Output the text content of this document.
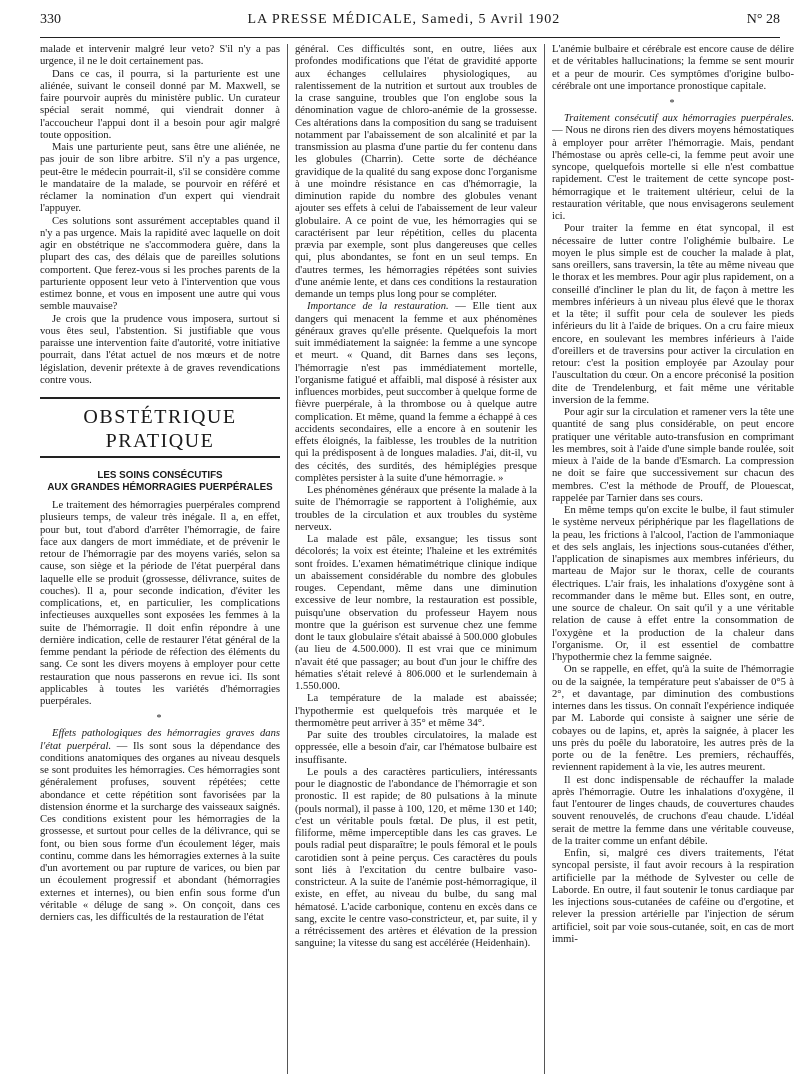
330	LA PRESSE MÉDICALE, Samedi, 5 Avril 1902	N° 28

malade et intervenir malgré leur veto? S'il n'y a pas urgence, il ne le doit certainement pas.

Dans ce cas, il pourra, si la parturiente est une aliénée, suivant le conseil donné par M. Maxwell, se faire pourvoir auprès du ministère public. Un curateur spécial serait nommé, qui viendrait donner à l'accoucheur l'appui dont il a besoin pour agir malgré toute opposition.

Mais une parturiente peut, sans être une aliénée, ne pas jouir de son libre arbitre. S'il n'y a pas urgence, peut-être le médecin pourrait-il, s'il se considère comme le mandataire de la malade, se pourvoir en référé et réclamer la nomination d'un expert qui viendrait l'appuyer.

Ces solutions sont assurément acceptables quand il n'y a pas urgence. Mais la rapidité avec laquelle on doit agir en obstétrique ne s'accommodera guère, dans la plupart des cas, des délais que de pareilles solutions comportent. Que ferez-vous si les proches parents de la parturiente opposent leur veto à l'intervention que vous estimez bonne, et vous en imposent une autre qui vous semble mauvaise?

Je crois que la prudence vous imposera, surtout si vous êtes seul, l'abstention. Si justifiable que vous paraisse une intervention faite d'autorité, votre initiative pourrait, dans l'état actuel de nos mœurs et de notre législation, devenir prétexte à de graves revendications contre vous.

OBSTÉTRIQUE PRATIQUE
LES SOINS CONSÉCUTIFS
AUX GRANDES HÉMORRAGIES PUERPÉRALES

Le traitement des hémorragies puerpérales comprend plusieurs temps, de valeur très inégale. Il a, en effet, pour but, tout d'abord d'arrêter l'hémorragie, de faire face aux dangers de mort immédiate, et de prévenir le retour de l'hémorragie par des moyens variés, selon sa cause, son siège et la période de l'état puerpéral dans laquelle elle se produit (grossesse, délivrance, suites de couches). Il a, pour seconde indication, d'éviter les complications, et, en particulier, les complications infectieuses auxquelles sont exposées les femmes à la suite de l'hémorragie. Il doit enfin répondre à une dernière indication, celle de restaurer l'état général de la femme pendant la période de réfection des éléments du sang. Ce sont les divers moyens à employer pour cette restauration que nous passerons en revue ici. Ils sont applicables à toutes les variétés d'hémorragies puerpérales.

*

Effets pathologiques des hémorragies graves dans l'état puerpéral. — Ils sont sous la dépendance des conditions anatomiques des organes au niveau desquels se sont produites les hémorragies. Ces hémorragies sont généralement profuses, souvent répétées; cette abondance et cette répétition sont favorisées par la distension énorme et la surcharge des vaisseaux saignés. Ces conditions existent pour les hémorragies de la grossesse, et surtout pour celles de la délivrance, qui se font, ou bien sous forme d'un écoulement léger, mais continu, comme dans les hémorragies externes à la suite d'un avortement ou par rupture de varices, ou bien par un écoulement progressif et abondant (hémorragies externes et internes), ou bien enfin sous forme d'un véritable « déluge de sang ». On conçoit, dans ces derniers cas, les difficultés de la restauration de l'état

général. Ces difficultés sont, en outre, liées aux profondes modifications que l'état de gravidité apporte aux échanges cellulaires physiologiques, au ralentissement de la nutrition et surtout aux troubles de la crase sanguine, troubles que l'on englobe sous la dénomination vague de chloro-anémie de la grossesse. Ces altérations dans la composition du sang se traduisent notamment par l'abaissement de son alcalinité et par la transmission au plasma d'une partie du fer contenu dans les globules (Charrin). Cette sorte de déchéance gravidique de la qualité du sang expose donc l'organisme à une moindre résistance en cas d'hémorragie, la diminution rapide du nombre des globules venant ajouter ses effets à celui de l'abaissement de leur valeur globulaire. A ce point de vue, les hémorragies qui se caractérisent par leur répétition, celles du placenta prævia par exemple, sont plus dangereuses que celles qui, plus abondantes, se font en un seul temps. En d'autres termes, les hémorragies répétées sont suivies d'une anémie lente, et dans ces conditions la restauration demande un temps plus long pour se compléter.

Importance de la restauration. — Elle tient aux dangers qui menacent la femme et aux phénomènes généraux graves qu'elle présente. Quelquefois la mort suit immédiatement la saignée: la femme a une syncope et meurt. « Quand, dit Barnes dans ses leçons, l'hémorragie n'est pas immédiatement mortelle, l'organisme fatigué et affaibli, mal disposé à résister aux influences morbides, peut succomber à quelque forme de fièvre puerpérale, à la thrombose ou à quelque autre complication. Et même, quand la femme a échappé à ces accidents secondaires, elle a encore à en soutenir les effets éloignés, la faiblesse, les troubles de la nutrition qui la prédisposent à de longues maladies. J'ai, dit-il, vu des cécités, des surdités, des hémiplégies presque complètes persister à la suite d'une hémorragie. »

Les phénomènes généraux que présente la malade à la suite de l'hémorragie se rapportent à l'olighémie, aux troubles de la circulation et aux troubles du système nerveux.

La malade est pâle, exsangue; les tissus sont décolorés; la voix est éteinte; l'haleine et les extrémités sont froides. L'examen hématimétrique clinique indique un abaissement considérable du nombre des globules rouges. Cependant, même dans une diminution excessive de leur nombre, la restauration est possible, puisqu'une observation du professeur Hayem nous montre que la guérison est survenue chez une femme dont le taux globulaire s'était abaissé à 500.000 globules (au lieu de 4.500.000). Il est vrai que ce minimum n'avait été que passager; au bout d'un jour le chiffre des hématies s'était relevé à 806.000 et le surlendemain à 1.550.000.

La température de la malade est abaissée; l'hypothermie est quelquefois très marquée et le thermomètre peut arriver à 35° et même 34°.

Par suite des troubles circulatoires, la malade est oppressée, elle a besoin d'air, car l'hématose bulbaire est insuffisante.

Le pouls a des caractères particuliers, intéressants pour le diagnostic de l'abondance de l'hémorragie et son pronostic. Il est rapide; de 80 pulsations à la minute (pouls normal), il passe à 100, 120, et même 130 et 140; c'est un véritable pouls fœtal. De plus, il est petit, filiforme, même imperceptible dans les cas graves. Le pouls radial peut disparaître; le pouls fémoral et le pouls carotidien sont à peine perçus. Ces caractères du pouls sont liés à l'excitation du centre bulbaire vaso-constricteur. A la suite de l'anémie post-hémorragique, il existe, en effet, au niveau du bulbe, du sang mal hématosé. L'acide carbonique, contenu en excès dans ce sang, excite le centre vaso-constricteur, et, par suite, il y a rétrécissement des artères et élévation de la pression sanguine; la vitesse du sang est accélérée (Heidenhain).

L'anémie bulbaire et cérébrale est encore cause de délire et de véritables hallucinations; la femme se sent mourir et a peur de mourir. Ces symptômes d'origine bulbo-cérébrale ont une importance pronostique capitale.

*

Traitement consécutif aux hémorragies puerpérales. — Nous ne dirons rien des divers moyens hémostatiques à employer pour arrêter l'hémorragie. Mais, pendant l'hémostase ou après celle-ci, la femme peut avoir une syncope, quelquefois mortelle si elle n'est combattue rapidement. C'est le traitement de cette syncope post-hémorragique et le traitement ultérieur, celui de la restauration véritable, que nous envisagerons seulement ici.

Pour traiter la femme en état syncopal, il est nécessaire de lutter contre l'olighémie bulbaire. Le moyen le plus simple est de coucher la malade à plat, sans oreillers, sans traversin, la tête au même niveau que le thorax et les membres. Pour agir plus rapidement, on a conseillé d'incliner le plan du lit, de façon à mettre les membres inférieurs à un niveau plus élevé que le thorax et la tête; il suffit pour cela de soulever les pieds inférieurs du lit à l'aide de briques. On a cru faire mieux encore, en soulevant les membres inférieurs à l'aide d'oreillers et de traversins pour activer la circulation en retour: c'est la position employée par Azoulay pour l'auscultation du cœur. On a encore préconisé la position dite de Trendelenburg, et fait même une véritable inversion de la femme.

Pour agir sur la circulation et ramener vers la tête une quantité de sang plus considérable, on peut encore pratiquer une véritable auto-transfusion en comprimant les membres, soit à l'aide d'une simple bande roulée, soit mieux à l'aide de la bande d'Esmarch. La compression ne doit se faire que successivement sur chacun des membres. C'est la méthode de Prouff, de Plouescat, rappelée par Tarnier dans ses cours.

En même temps qu'on excite le bulbe, il faut stimuler le système nerveux périphérique par les flagellations de la peau, les frictions à l'alcool, l'action de l'ammoniaque et des sels anglais, les injections sous-cutanées d'éther, l'application de sinapismes aux membres inférieurs, du marteau de Major sur le thorax, celle de courants électriques. L'air frais, les inhalations d'oxygène sont à recommander dans le même but. Elles sont, en outre, une source de chaleur. On sait qu'il y a une véritable relation de cause à effet entre la consommation de l'oxygène et la production de la chaleur dans l'organisme. Or, il est essentiel de combattre l'hypothermie chez la femme saignée.

On se rappelle, en effet, qu'à la suite de l'hémorragie ou de la saignée, la température peut s'abaisser de 0°5 à 2°, et davantage, par diminution des combustions internes dans les tissus. On connaît l'expérience indiquée par M. Laborde qui consiste à saigner une série de cobayes ou de lapins, et, après la saignée, à placer les uns près du poêle du laboratoire, les autres près de la porte ou de la fenêtre. Les premiers, réchauffés, reviennent rapidement à la vie, les autres meurent.

Il est donc indispensable de réchauffer la malade après l'hémorragie. Outre les inhalations d'oxygène, il faut l'entourer de linges chauds, de couvertures chaudes souvent renouvelés, de cruchons d'eau chaude. L'idéal serait de mettre la femme dans une véritable couveuse, de la traiter comme un enfant débile.

Enfin, si, malgré ces divers traitements, l'état syncopal persiste, il faut avoir recours à la respiration artificielle par la méthode de Sylvester ou celle de Laborde. En outre, il faut soutenir le tonus cardiaque par les injections sous-cutanées de caféine ou d'ergotine, et relever la pression artérielle par l'injection de sérum artificiel, soit par voie sous-cutanée, soit, en cas de mort immi-
